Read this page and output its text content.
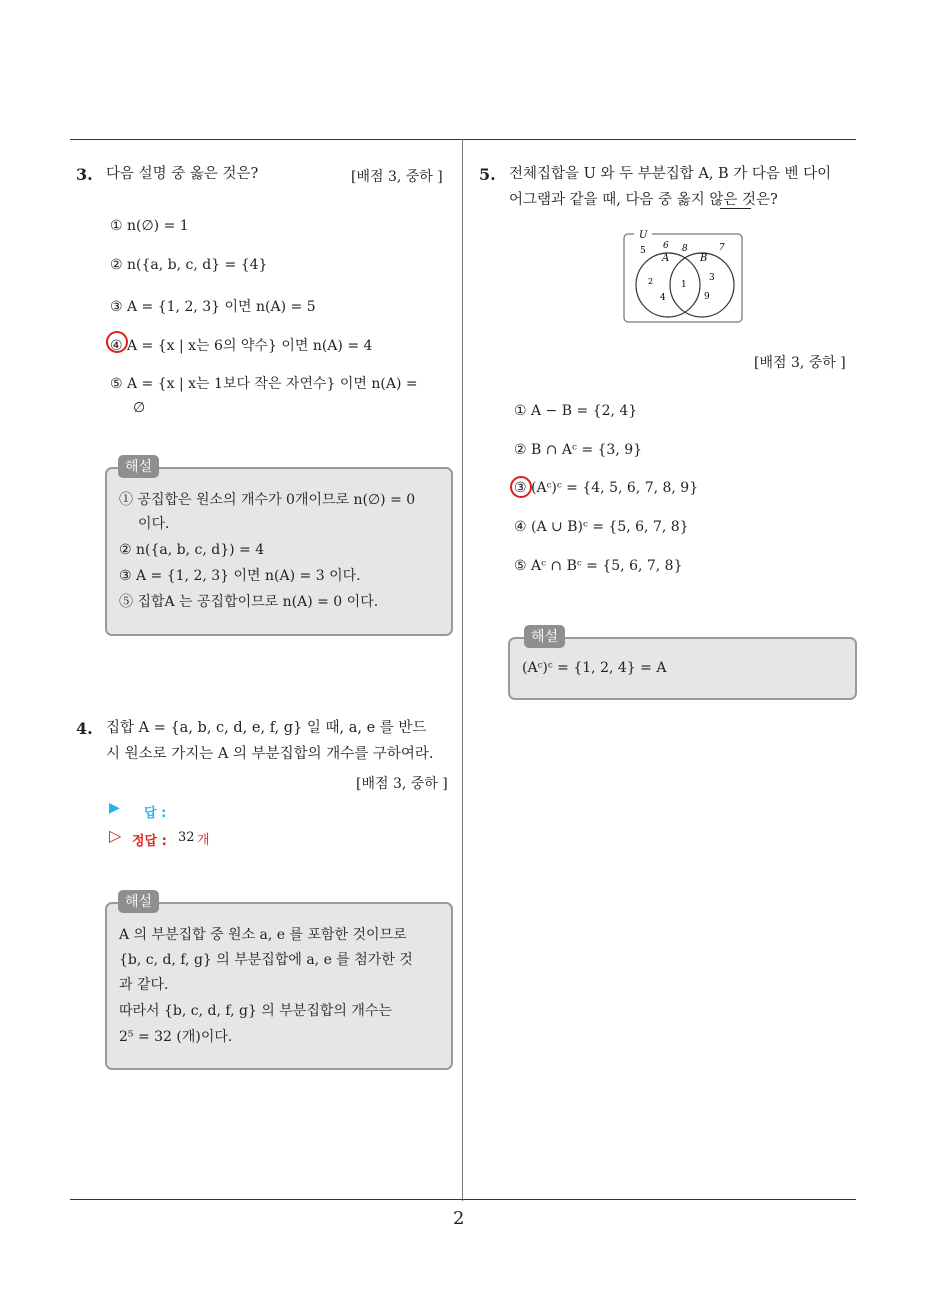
2
3. 다음 설명 중 옳은 것은?	[배점 3, 중하 ]
① n(∅) = 1
② n({a, b, c, d} = {4}
③ A = {1, 2, 3} 이면 n(A) = 5
④ A = {x | x는 6의 약수} 이면 n(A) = 4
⑤ A = {x | x는 1보다 작은 자연수} 이면 n(A) =
∅
해설
① 공집합은 원소의 개수가 0개이므로 n(∅) = 0
이다.
② n({a, b, c, d}) = 4
③ A = {1, 2, 3} 이면 n(A) = 3 이다.
⑤ 집합A 는 공집합이므로 n(A) = 0 이다.
4. 집합 A = {a, b, c, d, e, f, g} 일 때, a, e 를 반드
시 원소로 가지는 A 의 부분집합의 개수를 구하여라.
[배점 3, 중하 ]
▶ 답 :
▷ 정답 : 32 개
해설
A 의 부분집합 중 원소 a, e 를 포함한 것이므로
{b, c, d, f, g} 의 부분집합에 a, e 를 첨가한 것
과 같다.
따라서 {b, c, d, f, g} 의 부분집합의 개수는
2⁵ = 32 (개)이다.
5. 전체집합을 U 와 두 부분집합 A, B 가 다음 벤 다이
어그램과 같을 때, 다음 중 옳지 않은 것은?
U
A	B
5 6 8	7
2
4
1
3
9
[배점 3, 중하 ]
① A − B = {2, 4}
② B ∩ Aᶜ = {3, 9}
③ (Aᶜ)ᶜ = {4, 5, 6, 7, 8, 9}
④ (A ∪ B)ᶜ = {5, 6, 7, 8}
⑤ Aᶜ ∩ Bᶜ = {5, 6, 7, 8}
해설
(Aᶜ)ᶜ = {1, 2, 4} = A
